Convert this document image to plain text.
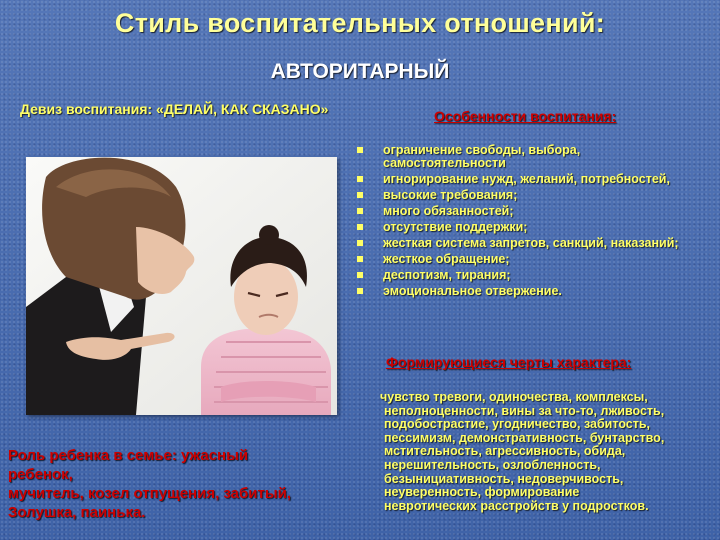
Стиль воспитательных отношений:
АВТОРИТАРНЫЙ
Девиз воспитания: «ДЕЛАЙ, КАК СКАЗАНО»	Особенности воспитания:
ограничение свободы, выбора, самостоятельности
игнорирование нужд, желаний, потребностей,
высокие требования;
много обязанностей;
отсутствие поддержки;
жесткая система запретов, санкций, наказаний;
жесткое обращение;
деспотизм, тирания;
эмоциональное отвержение.
Формирующиеся черты характера:
чувство тревоги, одиночества, комплексы,
неполноценности, вины за что-то, лживость,
подобострастие, угодничество, забитость,
пессимизм, демонстративность, бунтарство,
мстительность, агрессивность, обида,
нерешительность, озлобленность,
безынициативность, недоверчивость,
неуверенность, формирование
невротических расстройств у подростков.
Роль ребенка в семье: ужасный
ребенок,
мучитель, козел отпущения, забитый,
Золушка, паинька.
